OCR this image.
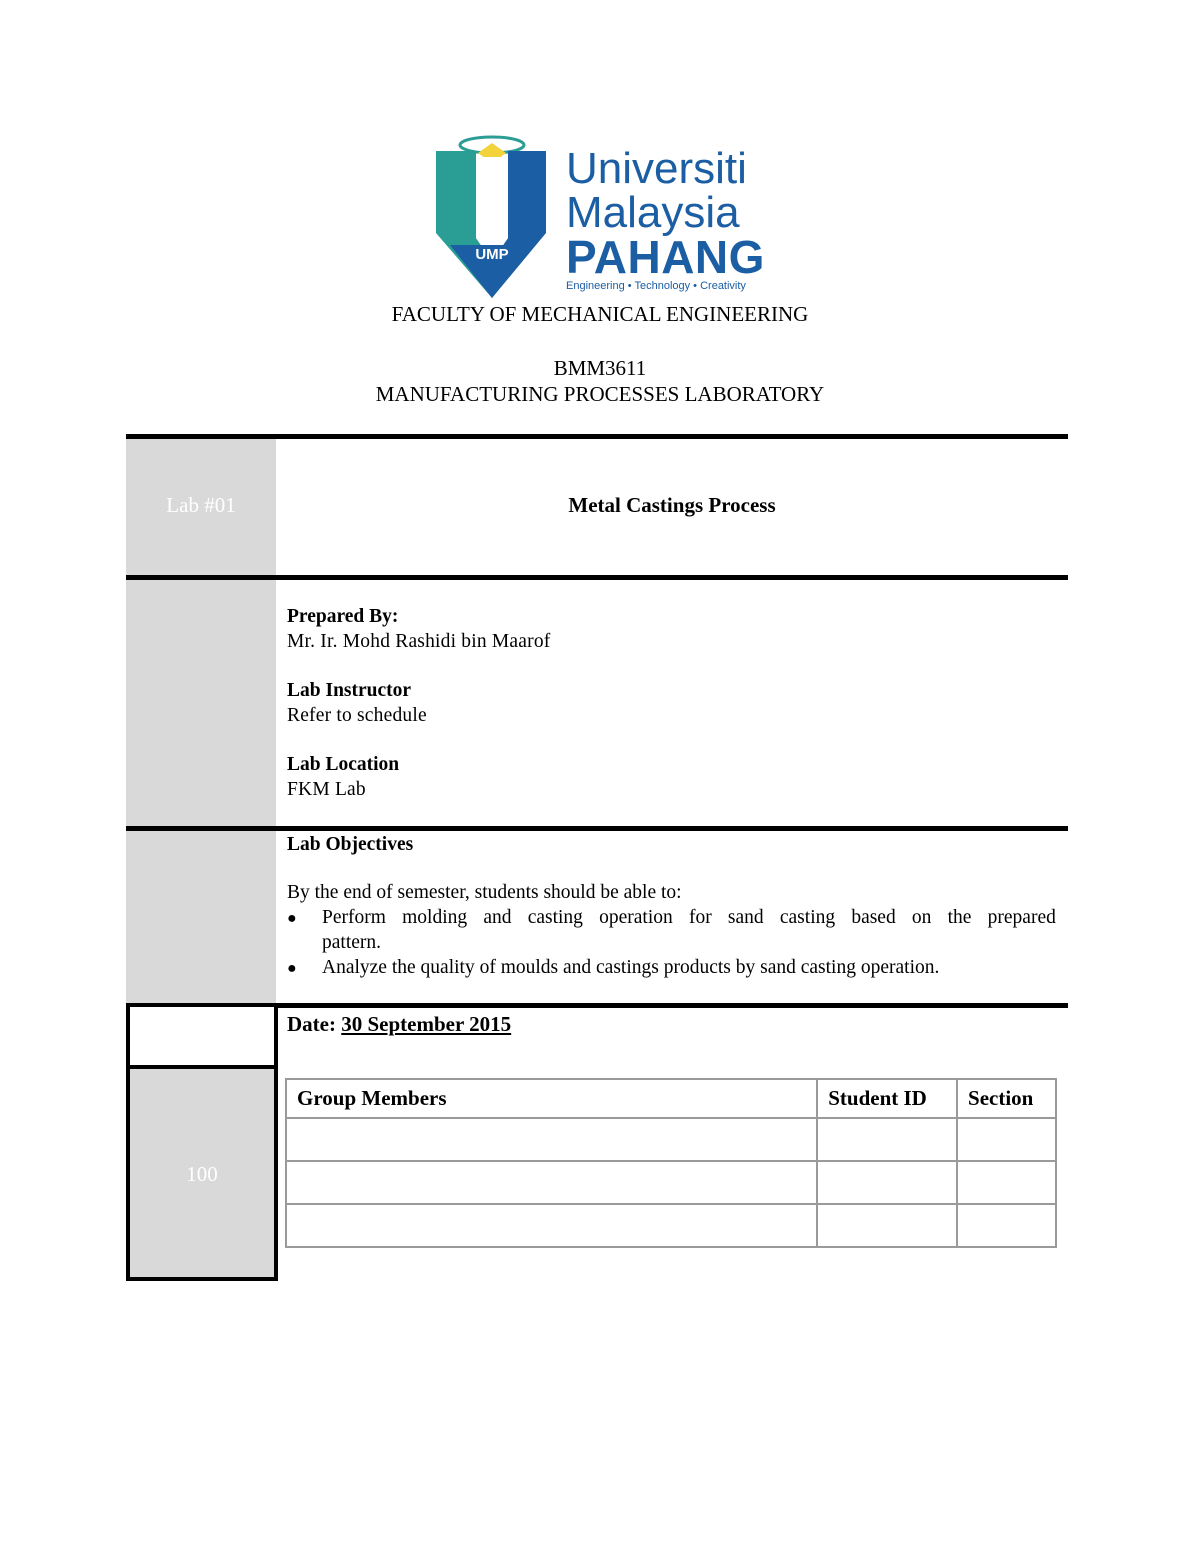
UMP
Universiti
Malaysia
PAHANG
Engineering • Technology • Creativity
FACULTY OF MECHANICAL ENGINEERING
BMM3611
MANUFACTURING PROCESSES LABORATORY
Lab #01	Metal Castings Process
Prepared By:
Mr. Ir. Mohd Rashidi bin Maarof
Lab Instructor
Refer to schedule
Lab Location
FKM Lab
Lab Objectives
By the end of semester, students should be able to:
● Perform molding and casting operation for sand casting based on the prepared
pattern.
● Analyze the quality of moulds and castings products by sand casting operation.
100
Date: 30 September 2015
Group Members	Student ID	Section
